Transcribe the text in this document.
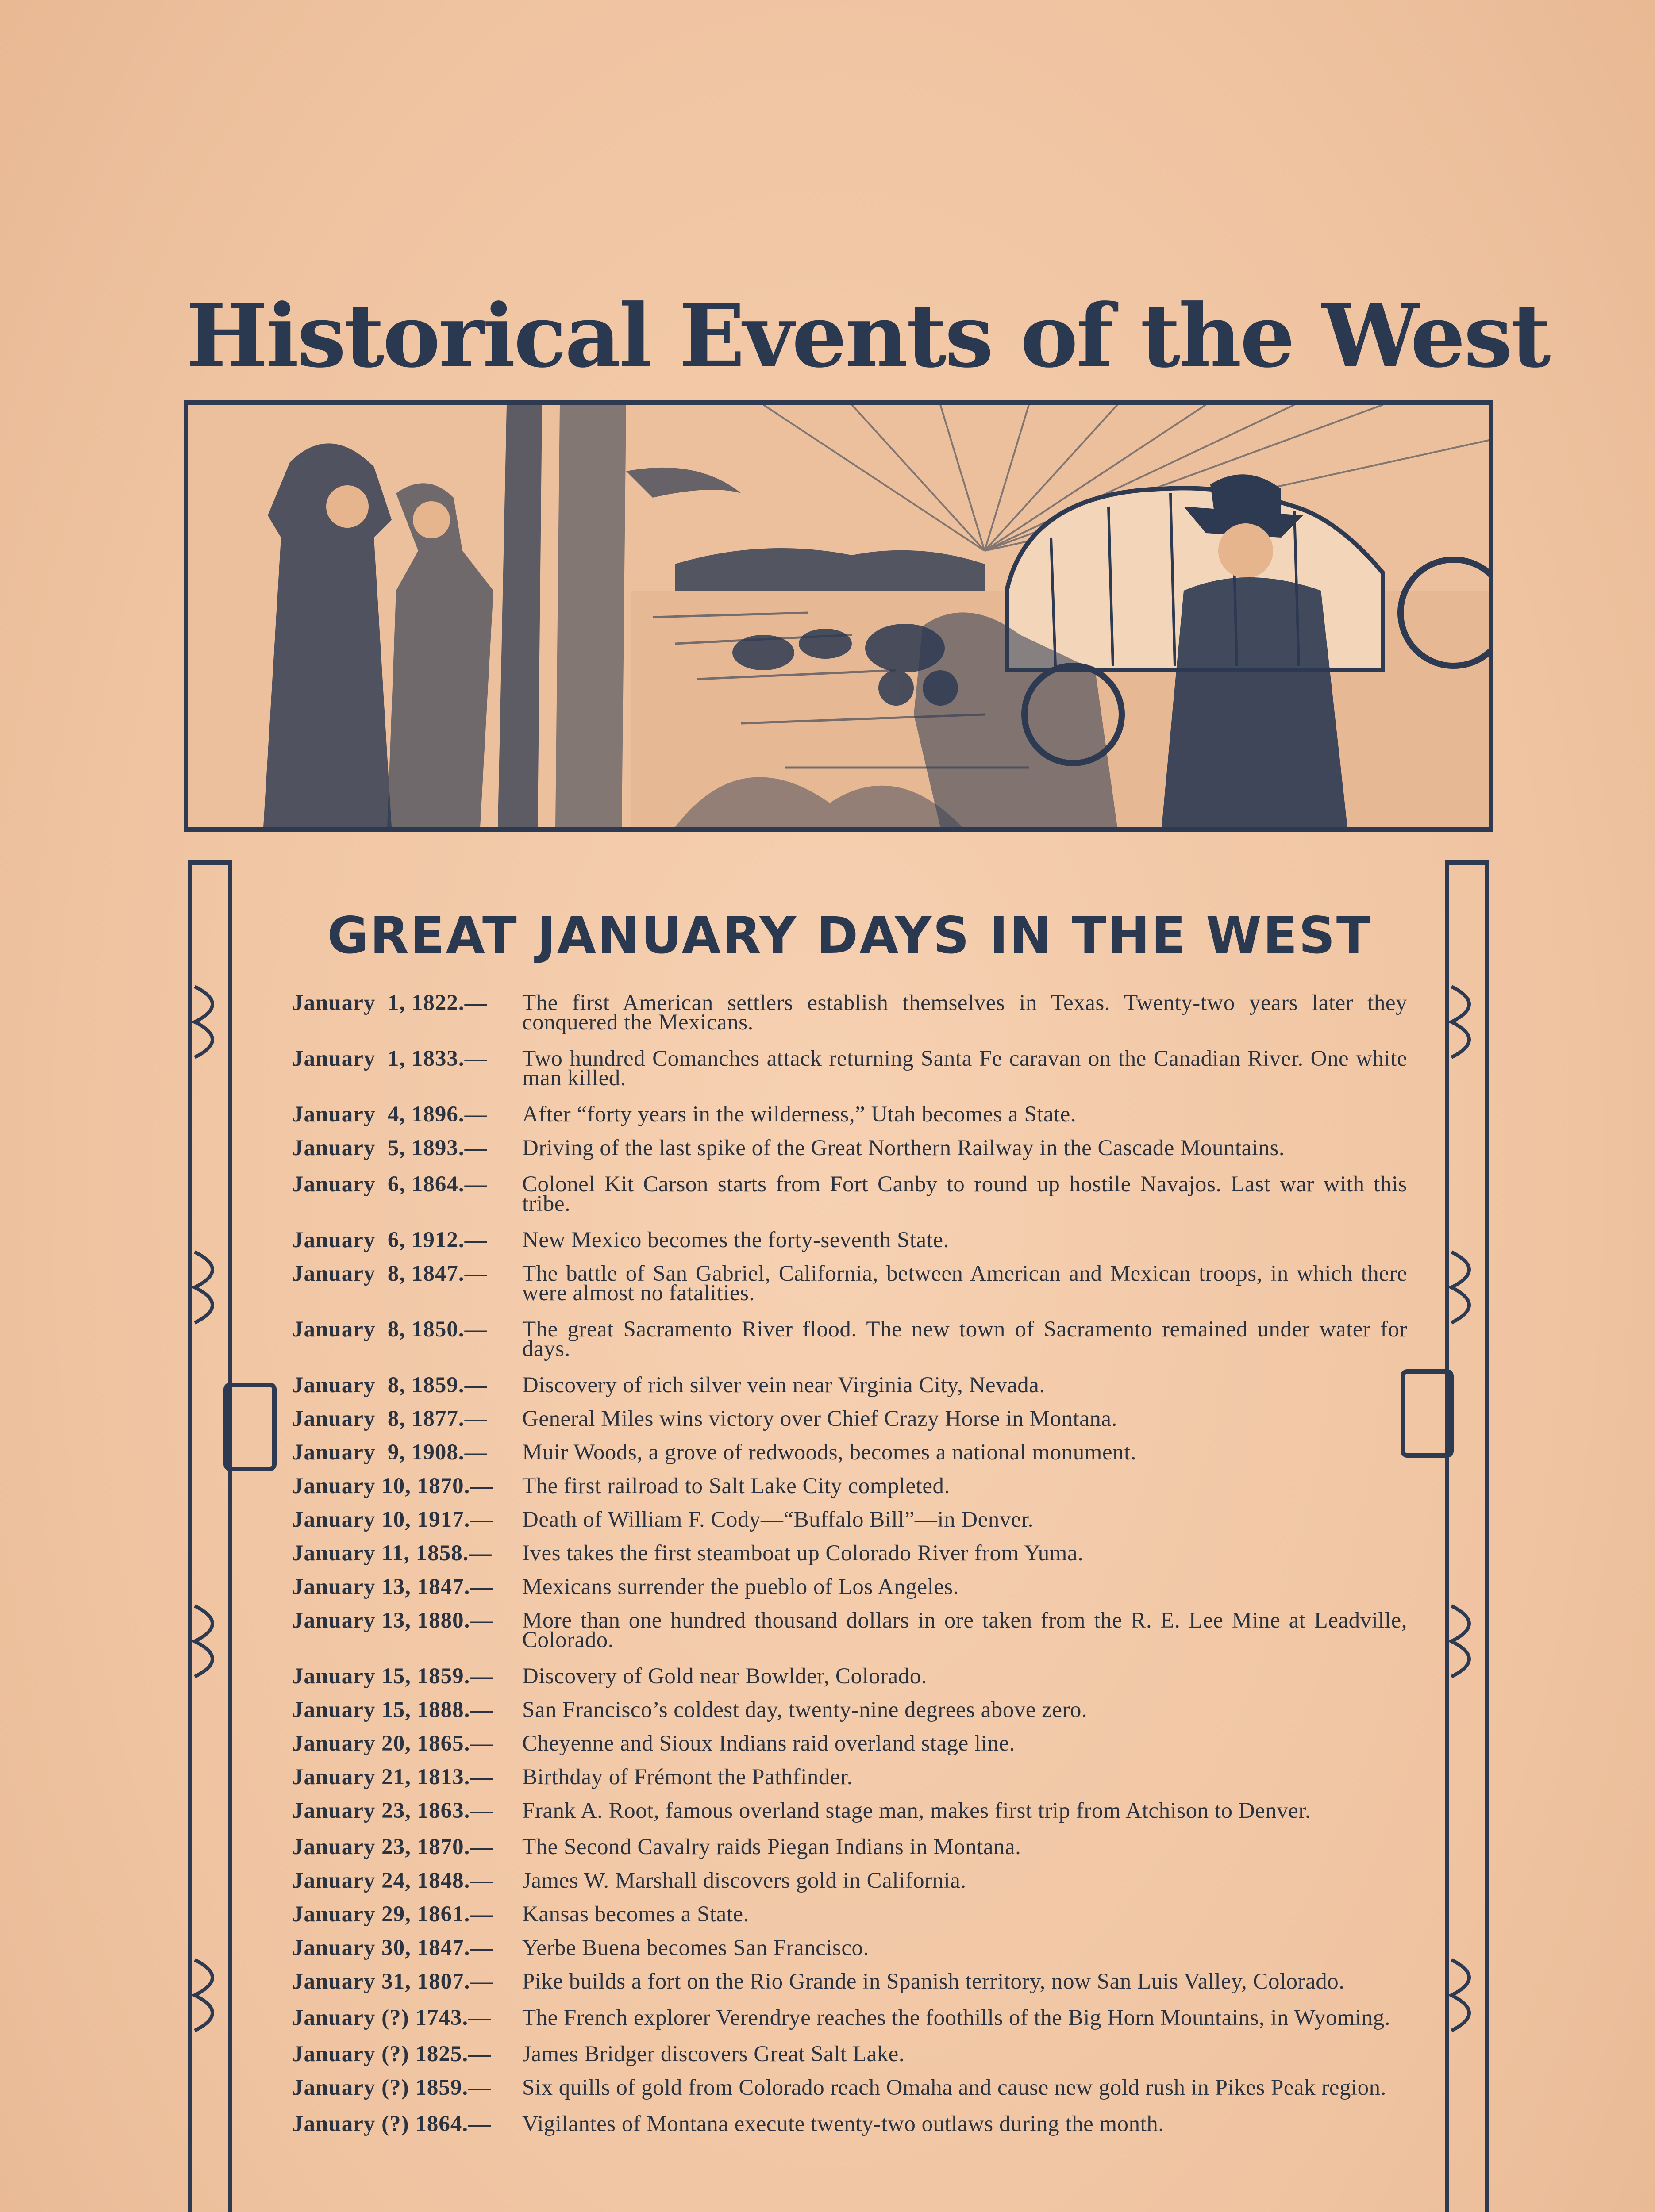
Historical Events of the West
GREAT JANUARY DAYS IN THE WEST
January  1, 1822.—	The first American settlers establish themselves in Texas. Twenty-two years later they conquered the Mexicans.
January  1, 1833.—	Two hundred Comanches attack returning Santa Fe caravan on the Canadian River. One white man killed.
January  4, 1896.—	After “forty years in the wilderness,” Utah becomes a State.
January  5, 1893.—	Driving of the last spike of the Great Northern Railway in the Cascade Mountains.
January  6, 1864.—	Colonel Kit Carson starts from Fort Canby to round up hostile Navajos. Last war with this tribe.
January  6, 1912.—	New Mexico becomes the forty-seventh State.
January  8, 1847.—	The battle of San Gabriel, California, between American and Mexican troops, in which there were almost no fatalities.
January  8, 1850.—	The great Sacramento River flood. The new town of Sacramento remained under water for days.
January  8, 1859.—	Discovery of rich silver vein near Virginia City, Nevada.
January  8, 1877.—	General Miles wins victory over Chief Crazy Horse in Montana.
January  9, 1908.—	Muir Woods, a grove of redwoods, becomes a national monument.
January 10, 1870.—	The first railroad to Salt Lake City completed.
January 10, 1917.—	Death of William F. Cody—“Buffalo Bill”—in Denver.
January 11, 1858.—	Ives takes the first steamboat up Colorado River from Yuma.
January 13, 1847.—	Mexicans surrender the pueblo of Los Angeles.
January 13, 1880.—	More than one hundred thousand dollars in ore taken from the R. E. Lee Mine at Leadville, Colorado.
January 15, 1859.—	Discovery of Gold near Bowlder, Colorado.
January 15, 1888.—	San Francisco’s coldest day, twenty-nine degrees above zero.
January 20, 1865.—	Cheyenne and Sioux Indians raid overland stage line.
January 21, 1813.—	Birthday of Frémont the Pathfinder.
January 23, 1863.—	Frank A. Root, famous overland stage man, makes first trip from Atchison to Denver.
January 23, 1870.—	The Second Cavalry raids Piegan Indians in Montana.
January 24, 1848.—	James W. Marshall discovers gold in California.
January 29, 1861.—	Kansas becomes a State.
January 30, 1847.—	Yerbe Buena becomes San Francisco.
January 31, 1807.—	Pike builds a fort on the Rio Grande in Spanish territory, now San Luis Valley, Colorado.
January (?) 1743.—	The French explorer Verendrye reaches the foothills of the Big Horn Mountains, in Wyoming.
January (?) 1825.—	James Bridger discovers Great Salt Lake.
January (?) 1859.—	Six quills of gold from Colorado reach Omaha and cause new gold rush in Pikes Peak region.
January (?) 1864.—	Vigilantes of Montana execute twenty-two outlaws during the month.
